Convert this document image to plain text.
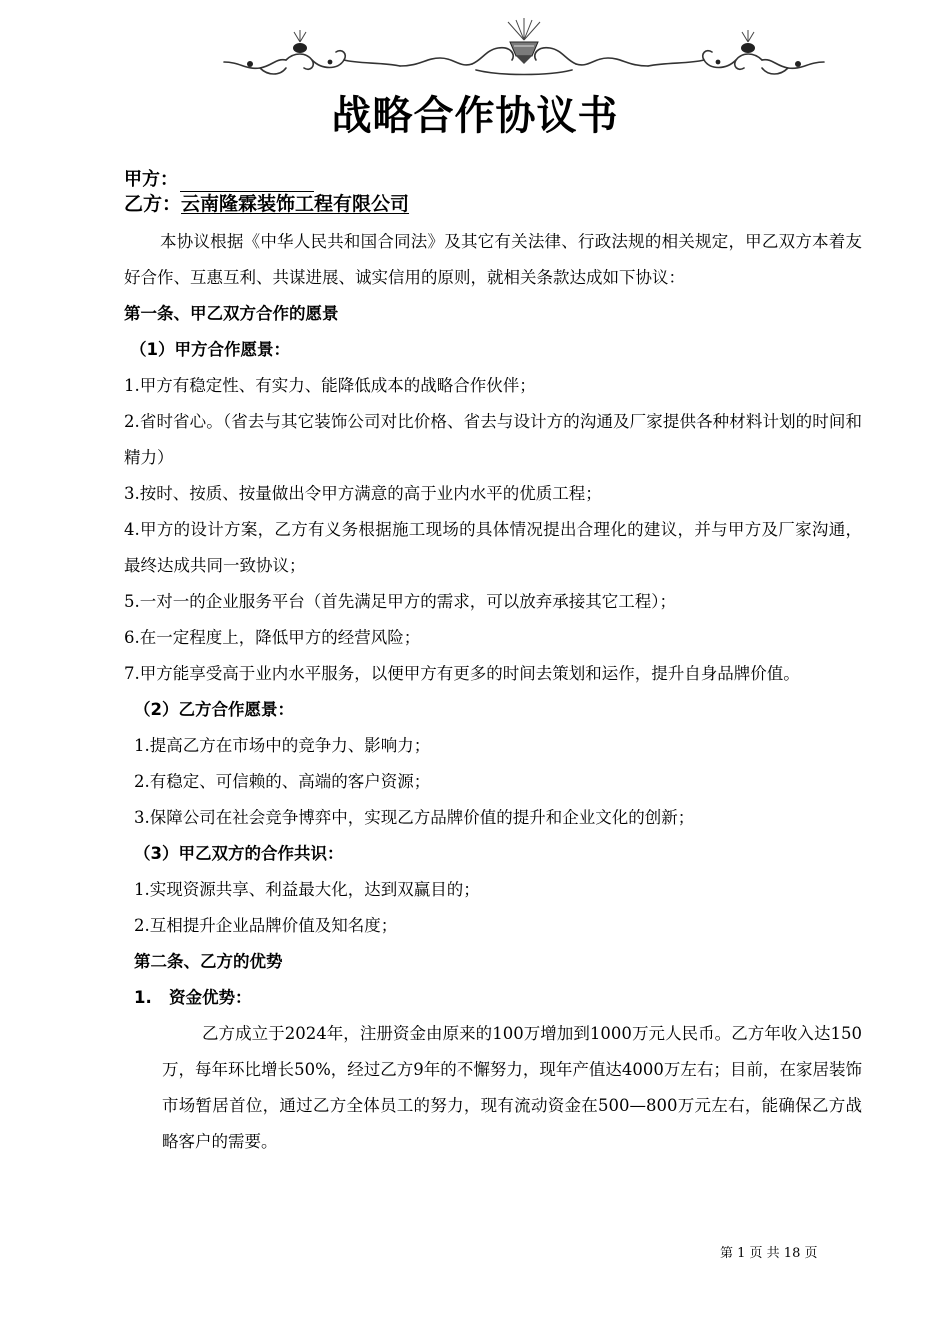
战略合作协议书
甲方：
乙方：云南隆霖装饰工程有限公司

本协议根据《中华人民共和国合同法》及其它有关法律、行政法规的相关规定，甲乙双方本着友好合作、互惠互利、共谋进展、诚实信用的原则，就相关条款达成如下协议：

第一条、甲乙双方合作的愿景

（1）甲方合作愿景：

1.甲方有稳定性、有实力、能降低成本的战略合作伙伴；

2.省时省心。（省去与其它装饰公司对比价格、省去与设计方的沟通及厂家提供各种材料计划的时间和精力）

3.按时、按质、按量做出令甲方满意的高于业内水平的优质工程；

4.甲方的设计方案，乙方有义务根据施工现场的具体情况提出合理化的建议，并与甲方及厂家沟通，最终达成共同一致协议；

5.一对一的企业服务平台（首先满足甲方的需求，可以放弃承接其它工程）；

6.在一定程度上，降低甲方的经营风险；

7.甲方能享受高于业内水平服务，以便甲方有更多的时间去策划和运作，提升自身品牌价值。

（2）乙方合作愿景：

1.提高乙方在市场中的竞争力、影响力；

2.有稳定、可信赖的、高端的客户资源；

3.保障公司在社会竞争博弈中，实现乙方品牌价值的提升和企业文化的创新；

（3）甲乙双方的合作共识：

1.实现资源共享、利益最大化，达到双赢目的；

2.互相提升企业品牌价值及知名度；

第二条、乙方的优势

1.   资金优势：

乙方成立于2024年，注册资金由原来的100万增加到1000万元人民币。乙方年收入达150万，每年环比增长50%，经过乙方9年的不懈努力，现年产值达4000万左右；目前，在家居装饰市场暂居首位，通过乙方全体员工的努力，现有流动资金在500—800万元左右，能确保乙方战略客户的需要。

第 1 页 共 18 页
